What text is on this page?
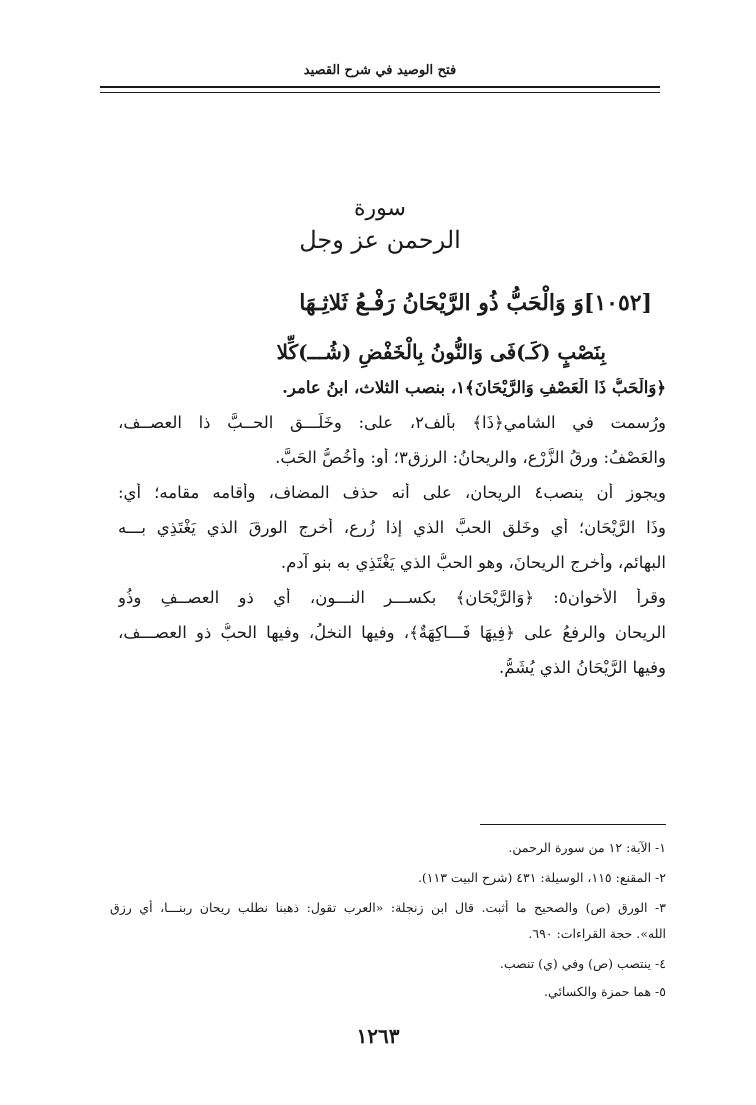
فتح الوصيد في شرح القصيد
سورة
الرحمن عز وجل
[١٠٥٢]وَ وَالْحَبُّ ذُو الرَّيْحَانُ رَفْـعُ ثَلاثِـهَا
بِنَصْبٍ (كَـ)فَى وَالنُّونُ بِالْخَفْضِ (شُـــ)كِّلا
﴿وَالْحَبُّ ذَا الْعَصْفِ وَالرَّيْحَانَ﴾١، بنصب الثلاث، ابنُ عامر.
ورُسمت في الشامي﴿ذَا﴾ بألف٢، على: وخَلَـــق الحــبَّ ذا العصــف،
والعَصْفُ: ورقُ الزَّرْعِ، والريحانُ: الرزق٣؛ أو: وأخُصُّ الحَبَّ.
ويجوز أن ينصب٤ الريحان، على أنه حذف المضاف، وأقامه مقامه؛ أي:
وذَا الرَّيْحَان؛ أي وخَلق الحبَّ الذي إذا زُرِع، أخرج الورقَ الذي يَغْتَذِي بـــه
البهائم، وأخرج الريحانَ، وهو الحبُّ الذي يَغْتَذِي به بنو آدم.
وقرأ الأخوان٥: ﴿وَالرَّيْحَانِ﴾ بكســـر النـــون، أي ذو العصــفِ وذُو
الريحانِ والرفعُ على ﴿فِيهَا فَـــاكِهَةٌ﴾، وفيها النخلُ، وفيها الحبُّ ذو العصـــف،
وفيها الرَّيْحَانُ الذي يُشَمُّ.
١- الآية: ١٢ من سورة الرحمن.
٢- المقنع: ١١٥، الوسيلة: ٤٣١ (شرح البيت ١١٣).
٣- الورق (ص) والصحيح ما أُثبت. قال ابن زنجلة: «العرب تقول: ذهبنا نطلب ريحان ربنـــا، أي رزق
الله». حجة القراءات: ٦٩٠.
٤- ينتصب (ص) وفي (ي) تنصب.
٥- هما حمزة والكسائي.
١٢٦٣
